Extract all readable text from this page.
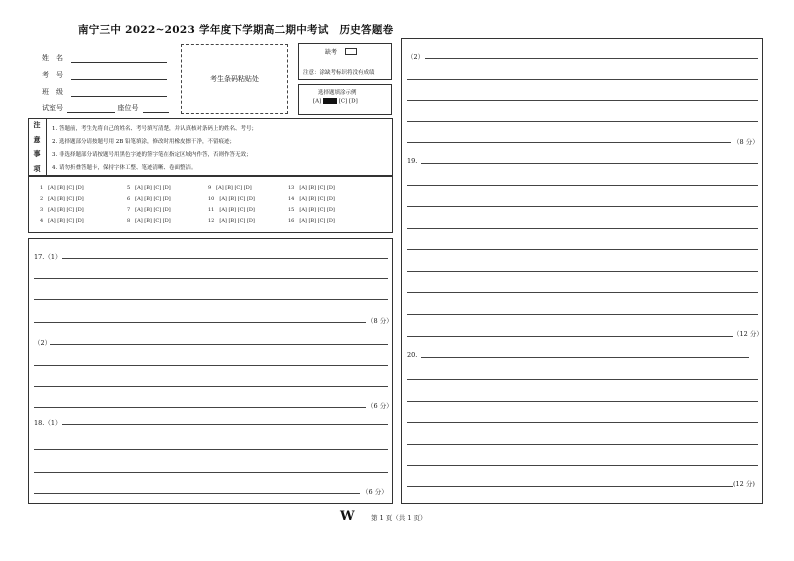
南宁三中 2022~2023 学年度下学期高二期中考试　历史答题卷
姓　名
考　号
班　级
试室号	座位号
考生条码粘贴处
缺考
注意：涂缺考标识将没有成绩
选择题填涂示例
[A]	[C] [D]
注
意
事
项
1. 答题前，考生先将自己的姓名、考号填写清楚，并认真核对条码上的姓名、考号；
2. 选择题部分请按题号用 2B 铅笔填涂，修改时用橡皮擦干净，不留痕迹；
3. 非选择题部分请按题号用黑色字迹的签字笔在指定区域内作答，否则作答无效；
4. 请勿折叠答题卡，保持字体工整、笔迹清晰、卷面整洁。
1　[A] [B] [C] [D]	5　[A] [B] [C] [D]	9　[A] [B] [C] [D]	13　[A] [B] [C] [D]
2　[A] [B] [C] [D]	6　[A] [B] [C] [D]	10　[A] [B] [C] [D]	14　[A] [B] [C] [D]
3　[A] [B] [C] [D]	7　[A] [B] [C] [D]	11　[A] [B] [C] [D]	15　[A] [B] [C] [D]
4　[A] [B] [C] [D]	8　[A] [B] [C] [D]	12　[A] [B] [C] [D]	16　[A] [B] [C] [D]
17.（1）
（8 分）
（2）
（6 分）
18.（1）
（6 分）
（2）
（8 分）
19.
（12 分）
20.
(12 分)
W	第 1 页（共 1 页）
